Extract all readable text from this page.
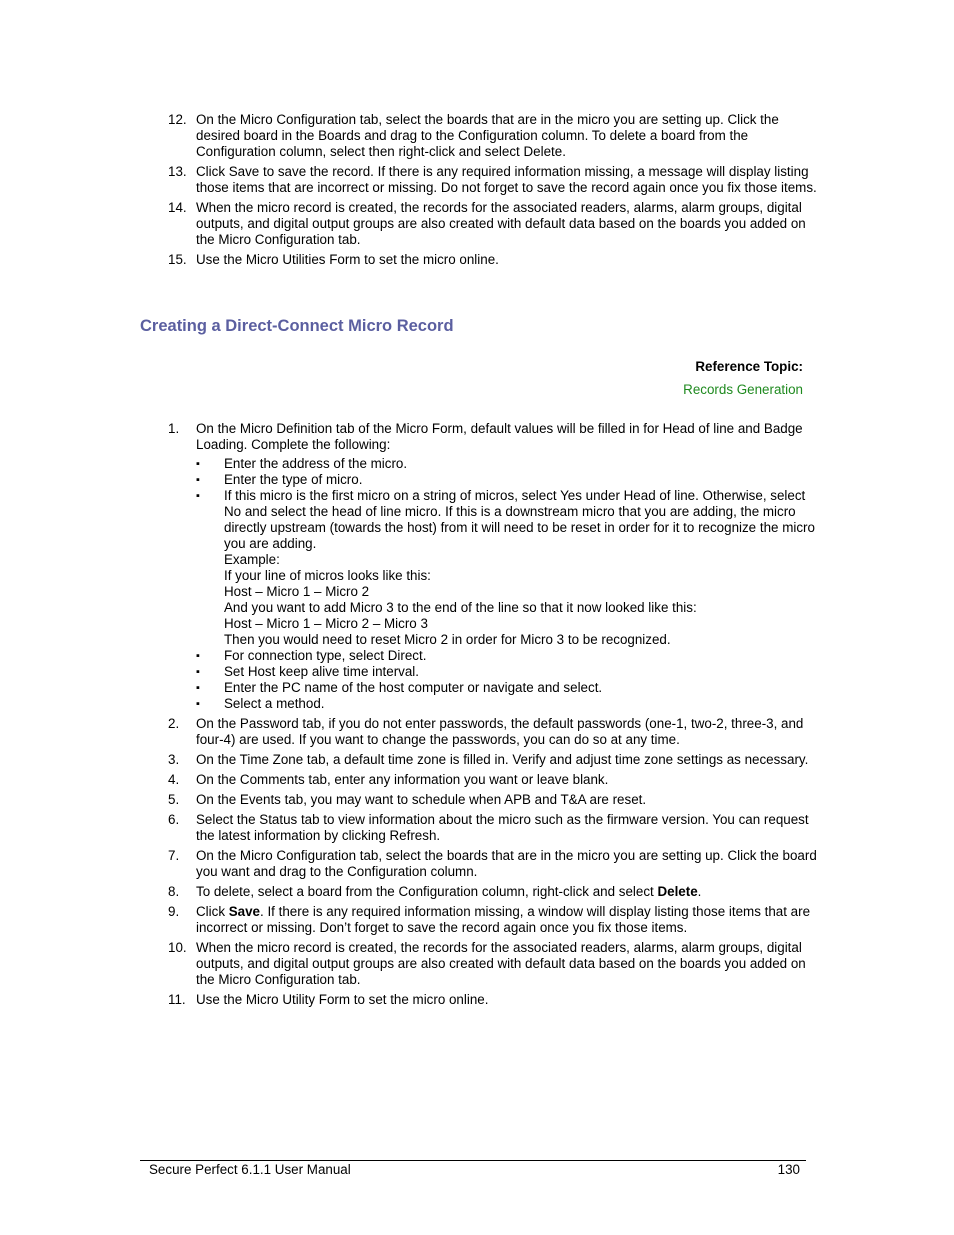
12. On the Micro Configuration tab, select the boards that are in the micro you are setting up. Click the desired board in the Boards and drag to the Configuration column. To delete a board from the Configuration column, select then right-click and select Delete.
13. Click Save to save the record. If there is any required information missing, a message will display listing those items that are incorrect or missing. Do not forget to save the record again once you fix those items.
14. When the micro record is created, the records for the associated readers, alarms, alarm groups, digital outputs, and digital output groups are also created with default data based on the boards you added on the Micro Configuration tab.
15. Use the Micro Utilities Form to set the micro online.
Creating a Direct-Connect Micro Record
Reference Topic:
Records Generation
1. On the Micro Definition tab of the Micro Form, default values will be filled in for Head of line and Badge Loading. Complete the following:
▪ Enter the address of the micro.
▪ Enter the type of micro.
▪ If this micro is the first micro on a string of micros, select Yes under Head of line. Otherwise, select No and select the head of line micro. If this is a downstream micro that you are adding, the micro directly upstream (towards the host) from it will need to be reset in order for it to recognize the micro you are adding.
Example:
If your line of micros looks like this:
Host – Micro 1 – Micro 2
And you want to add Micro 3 to the end of the line so that it now looked like this:
Host – Micro 1 – Micro 2 – Micro 3
Then you would need to reset Micro 2 in order for Micro 3 to be recognized.
▪ For connection type, select Direct.
▪ Set Host keep alive time interval.
▪ Enter the PC name of the host computer or navigate and select.
▪ Select a method.
2. On the Password tab, if you do not enter passwords, the default passwords (one-1, two-2, three-3, and four-4) are used. If you want to change the passwords, you can do so at any time.
3. On the Time Zone tab, a default time zone is filled in. Verify and adjust time zone settings as necessary.
4. On the Comments tab, enter any information you want or leave blank.
5. On the Events tab, you may want to schedule when APB and T&A are reset.
6. Select the Status tab to view information about the micro such as the firmware version. You can request the latest information by clicking Refresh.
7. On the Micro Configuration tab, select the boards that are in the micro you are setting up. Click the board you want and drag to the Configuration column.
8. To delete, select a board from the Configuration column, right-click and select Delete.
9. Click Save. If there is any required information missing, a window will display listing those items that are incorrect or missing. Don’t forget to save the record again once you fix those items.
10. When the micro record is created, the records for the associated readers, alarms, alarm groups, digital outputs, and digital output groups are also created with default data based on the boards you added on the Micro Configuration tab.
11. Use the Micro Utility Form to set the micro online.
Secure Perfect 6.1.1 User Manual	130
